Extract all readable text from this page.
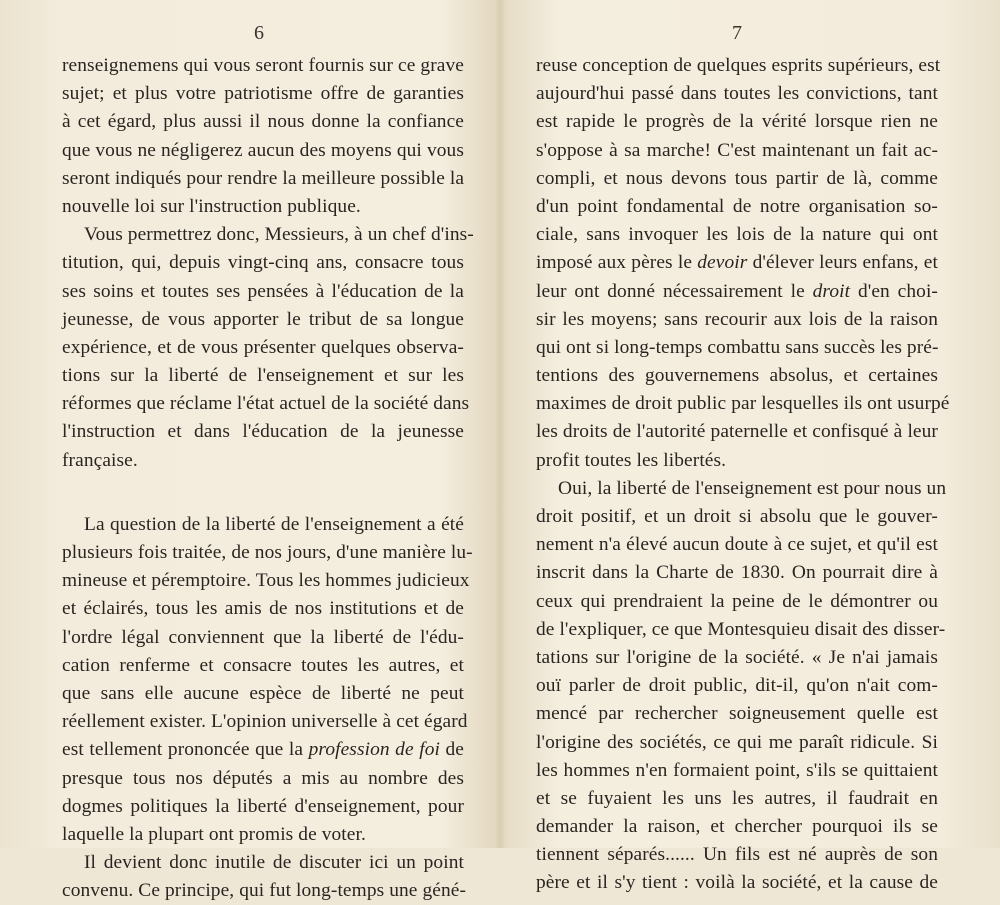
6
renseignemens qui vous seront fournis sur ce grave
sujet; et plus votre patriotisme offre de garanties
à cet égard, plus aussi il nous donne la confiance
que vous ne négligerez aucun des moyens qui vous
seront indiqués pour rendre la meilleure possible la
nouvelle loi sur l'instruction publique.
Vous permettrez donc, Messieurs, à un chef d'ins-
titution, qui, depuis vingt-cinq ans, consacre tous
ses soins et toutes ses pensées à l'éducation de la
jeunesse, de vous apporter le tribut de sa longue
expérience, et de vous présenter quelques observa-
tions sur la liberté de l'enseignement et sur les
réformes que réclame l'état actuel de la société dans
l'instruction et dans l'éducation de la jeunesse
française.
La question de la liberté de l'enseignement a été
plusieurs fois traitée, de nos jours, d'une manière lu-
mineuse et péremptoire. Tous les hommes judicieux
et éclairés, tous les amis de nos institutions et de
l'ordre légal conviennent que la liberté de l'édu-
cation renferme et consacre toutes les autres, et
que sans elle aucune espèce de liberté ne peut
réellement exister. L'opinion universelle à cet égard
est tellement prononcée que la profession de foi de
presque tous nos députés a mis au nombre des
dogmes politiques la liberté d'enseignement, pour
laquelle la plupart ont promis de voter.
Il devient donc inutile de discuter ici un point
convenu. Ce principe, qui fut long-temps une géné-
7
reuse conception de quelques esprits supérieurs, est
aujourd'hui passé dans toutes les convictions, tant
est rapide le progrès de la vérité lorsque rien ne
s'oppose à sa marche! C'est maintenant un fait ac-
compli, et nous devons tous partir de là, comme
d'un point fondamental de notre organisation so-
ciale, sans invoquer les lois de la nature qui ont
imposé aux pères le devoir d'élever leurs enfans, et
leur ont donné nécessairement le droit d'en choi-
sir les moyens; sans recourir aux lois de la raison
qui ont si long-temps combattu sans succès les pré-
tentions des gouvernemens absolus, et certaines
maximes de droit public par lesquelles ils ont usurpé
les droits de l'autorité paternelle et confisqué à leur
profit toutes les libertés.
Oui, la liberté de l'enseignement est pour nous un
droit positif, et un droit si absolu que le gouver-
nement n'a élevé aucun doute à ce sujet, et qu'il est
inscrit dans la Charte de 1830. On pourrait dire à
ceux qui prendraient la peine de le démontrer ou
de l'expliquer, ce que Montesquieu disait des disser-
tations sur l'origine de la société. « Je n'ai jamais
ouï parler de droit public, dit-il, qu'on n'ait com-
mencé par rechercher soigneusement quelle est
l'origine des sociétés, ce qui me paraît ridicule. Si
les hommes n'en formaient point, s'ils se quittaient
et se fuyaient les uns les autres, il faudrait en
demander la raison, et chercher pourquoi ils se
tiennent séparés...... Un fils est né auprès de son
père et il s'y tient : voilà la société, et la cause de
